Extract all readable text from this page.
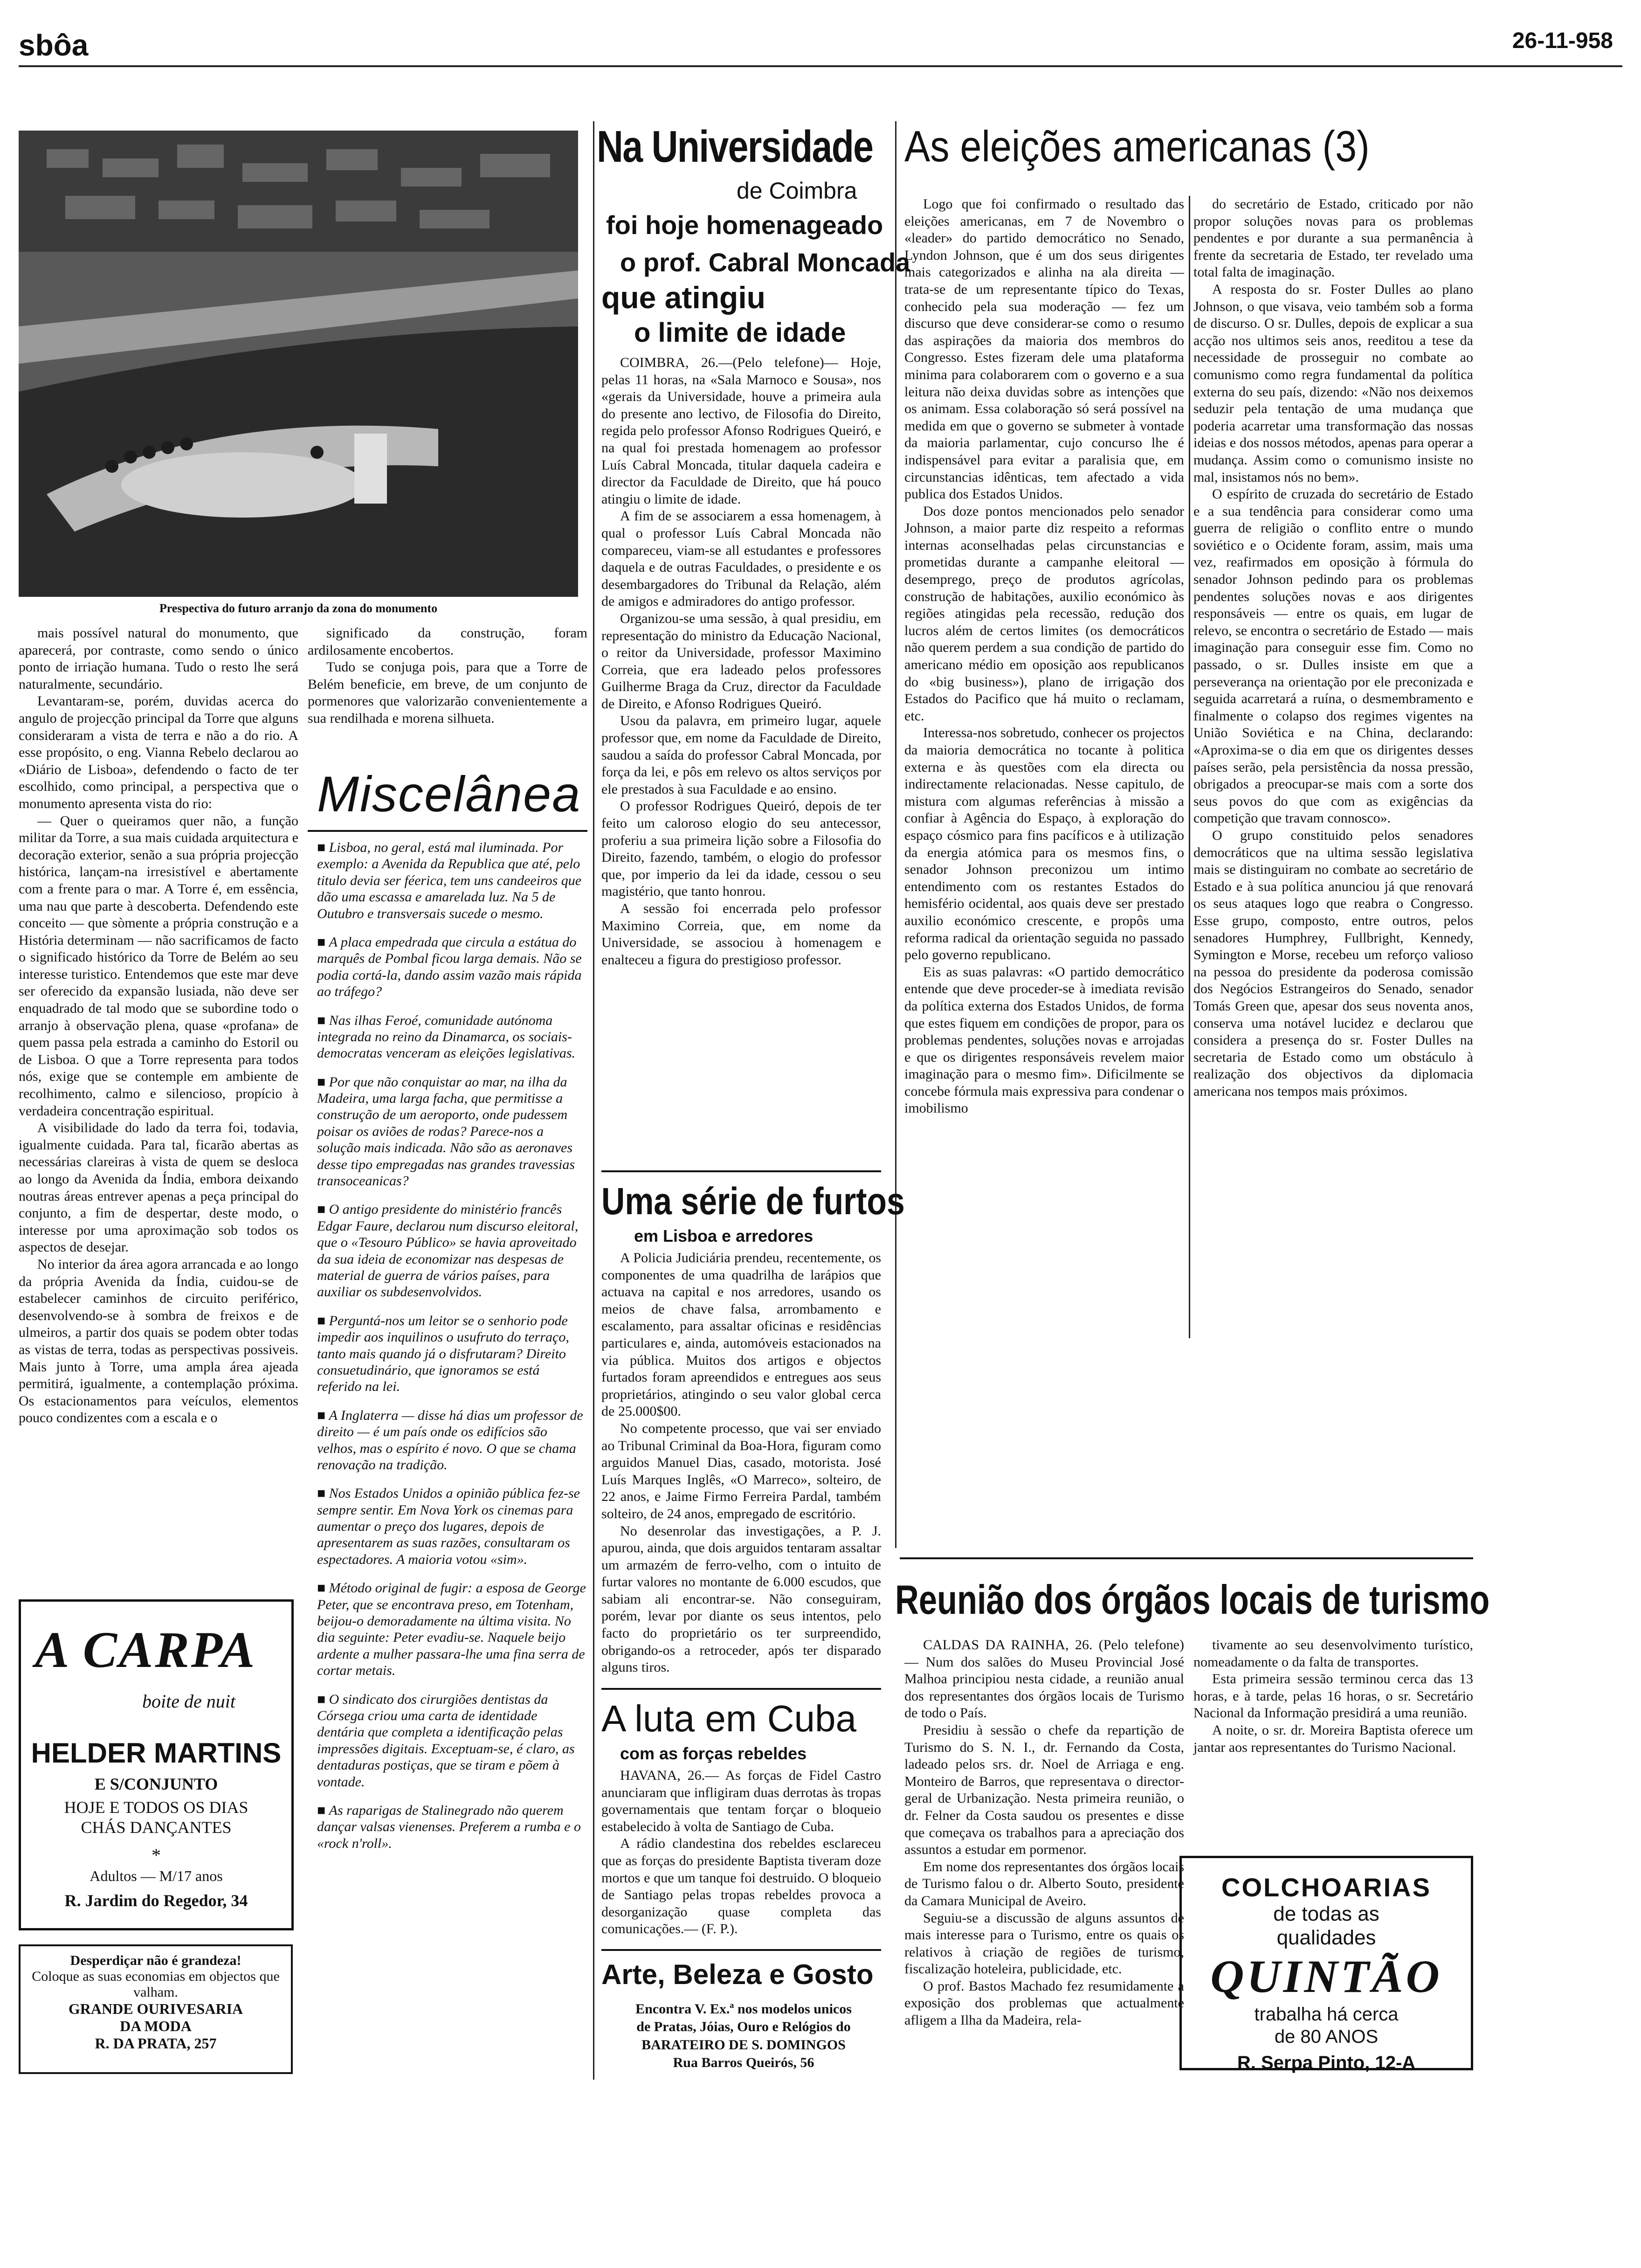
sbôa	26-11-958
Prespectiva do futuro arranjo da zona do monumento

mais possível natural do monumento, que aparecerá, por contraste, como sendo o único ponto de irriação humana. Tudo o resto lhe será naturalmente, secundário.

Levantaram-se, porém, duvidas acerca do angulo de projecção principal da Torre que alguns consideraram a vista de terra e não a do rio. A esse propósito, o eng. Vianna Rebelo declarou ao «Diário de Lisboa», defendendo o facto de ter escolhido, como principal, a perspectiva que o monumento apresenta vista do rio:

— Quer o queiramos quer não, a função militar da Torre, a sua mais cuidada arquitectura e decoração exterior, senão a sua própria projecção histórica, lançam-na irresistível e abertamente com a frente para o mar. A Torre é, em essência, uma nau que parte à descoberta. Defendendo este conceito — que sòmente a própria construção e a História determinam — não sacrificamos de facto o significado histórico da Torre de Belém ao seu interesse turistico. Entendemos que este mar deve ser oferecido da expansão lusiada, não deve ser enquadrado de tal modo que se subordine todo o arranjo à observação plena, quase «profana» de quem passa pela estrada a caminho do Estoril ou de Lisboa. O que a Torre representa para todos nós, exige que se contemple em ambiente de recolhimento, calmo e silencioso, propício à verdadeira concentração espiritual.

A visibilidade do lado da terra foi, todavia, igualmente cuidada. Para tal, ficarão abertas as necessárias clareiras à vista de quem se desloca ao longo da Avenida da Índia, embora deixando noutras áreas entrever apenas a peça principal do conjunto, a fim de despertar, deste modo, o interesse por uma aproximação sob todos os aspectos de desejar.

No interior da área agora arrancada e ao longo da própria Avenida da Índia, cuidou-se de estabelecer caminhos de circuito periférico, desenvolvendo-se à sombra de freixos e de ulmeiros, a partir dos quais se podem obter todas as vistas de terra, todas as perspectivas possiveis. Mais junto à Torre, uma ampla área ajeada permitirá, igualmente, a contemplação próxima. Os estacionamentos para veículos, elementos pouco condizentes com a escala e o

significado da construção, foram ardilosamente encobertos.

Tudo se conjuga pois, para que a Torre de Belém beneficie, em breve, de um conjunto de pormenores que valorizarão convenientemente a sua rendilhada e morena silhueta.

Miscelânea

■ Lisboa, no geral, está mal iluminada. Por exemplo: a Avenida da Republica que até, pelo titulo devia ser féerica, tem uns candeeiros que dão uma escassa e amarelada luz. Na 5 de Outubro e transversais sucede o mesmo.

■ A placa empedrada que circula a estátua do marquês de Pombal ficou larga demais. Não se podia cortá-la, dando assim vazão mais rápida ao tráfego?

■ Nas ilhas Feroé, comunidade autónoma integrada no reino da Dinamarca, os sociais-democratas venceram as eleições legislativas.

■ Por que não conquistar ao mar, na ilha da Madeira, uma larga facha, que permitisse a construção de um aeroporto, onde pudessem poisar os aviões de rodas? Parece-nos a solução mais indicada. Não são as aeronaves desse tipo empregadas nas grandes travessias transoceanicas?

■ O antigo presidente do ministério francês Edgar Faure, declarou num discurso eleitoral, que o «Tesouro Público» se havia aproveitado da sua ideia de economizar nas despesas de material de guerra de vários países, para auxiliar os subdesenvolvidos.

■ Perguntá-nos um leitor se o senhorio pode impedir aos inquilinos o usufruto do terraço, tanto mais quando já o disfrutaram? Direito consuetudinário, que ignoramos se está referido na lei.

■ A Inglaterra — disse há dias um professor de direito — é um país onde os edifícios são velhos, mas o espírito é novo. O que se chama renovação na tradição.

■ Nos Estados Unidos a opinião pública fez-se sempre sentir. Em Nova York os cinemas para aumentar o preço dos lugares, depois de apresentarem as suas razões, consultaram os espectadores. A maioria votou «sim».

■ Método original de fugir: a esposa de George Peter, que se encontrava preso, em Totenham, beijou-o demoradamente na última visita. No dia seguinte: Peter evadiu-se. Naquele beijo ardente a mulher passara-lhe uma fina serra de cortar metais.

■ O sindicato dos cirurgiões dentistas da Córsega criou uma carta de identidade dentária que completa a identificação pelas impressões digitais. Exceptuam-se, é claro, as dentaduras postiças, que se tiram e põem à vontade.

■ As raparigas de Stalinegrado não querem dançar valsas vienenses. Preferem a rumba e o «rock n'roll».

Na Universidade
de Coimbra
foi hoje homenageado
o prof. Cabral Moncada
que atingiu
o limite de idade

COIMBRA, 26.—(Pelo telefone)— Hoje, pelas 11 horas, na «Sala Marnoco e Sousa», nos «gerais da Universidade, houve a primeira aula do presente ano lectivo, de Filosofia do Direito, regida pelo professor Afonso Rodrigues Queiró, e na qual foi prestada homenagem ao professor Luís Cabral Moncada, titular daquela cadeira e director da Faculdade de Direito, que há pouco atingiu o limite de idade.

A fim de se associarem a essa homenagem, à qual o professor Luís Cabral Moncada não compareceu, viam-se all estudantes e professores daquela e de outras Faculdades, o presidente e os desembargadores do Tribunal da Relação, além de amigos e admiradores do antigo professor.

Organizou-se uma sessão, à qual presidiu, em representação do ministro da Educação Nacional, o reitor da Universidade, professor Maximino Correia, que era ladeado pelos professores Guilherme Braga da Cruz, director da Faculdade de Direito, e Afonso Rodrigues Queiró.

Usou da palavra, em primeiro lugar, aquele professor que, em nome da Faculdade de Direito, saudou a saída do professor Cabral Moncada, por força da lei, e pôs em relevo os altos serviços por ele prestados à sua Faculdade e ao ensino.

O professor Rodrigues Queiró, depois de ter feito um caloroso elogio do seu antecessor, proferiu a sua primeira lição sobre a Filosofia do Direito, fazendo, também, o elogio do professor que, por imperio da lei da idade, cessou o seu magistério, que tanto honrou.

A sessão foi encerrada pelo professor Maximino Correia, que, em nome da Universidade, se associou à homenagem e enalteceu a figura do prestigioso professor.

Uma série de furtos
em Lisboa e arredores

A Policia Judiciária prendeu, recentemente, os componentes de uma quadrilha de larápios que actuava na capital e nos arredores, usando os meios de chave falsa, arrombamento e escalamento, para assaltar oficinas e residências particulares e, ainda, automóveis estacionados na via pública. Muitos dos artigos e objectos furtados foram apreendidos e entregues aos seus proprietários, atingindo o seu valor global cerca de 25.000$00.

No competente processo, que vai ser enviado ao Tribunal Criminal da Boa-Hora, figuram como arguidos Manuel Dias, casado, motorista. José Luís Marques Inglês, «O Marreco», solteiro, de 22 anos, e Jaime Firmo Ferreira Pardal, também solteiro, de 24 anos, empregado de escritório.

No desenrolar das investigações, a P. J. apurou, ainda, que dois arguidos tentaram assaltar um armazém de ferro-velho, com o intuito de furtar valores no montante de 6.000 escudos, que sabiam ali encontrar-se. Não conseguiram, porém, levar por diante os seus intentos, pelo facto do proprietário os ter surpreendido, obrigando-os a retroceder, após ter disparado alguns tiros.

A luta em Cuba
com as forças rebeldes

HAVANA, 26.— As forças de Fidel Castro anunciaram que infligiram duas derrotas às tropas governamentais que tentam forçar o bloqueio estabelecido à volta de Santiago de Cuba.

A rádio clandestina dos rebeldes esclareceu que as forças do presidente Baptista tiveram doze mortos e que um tanque foi destruido. O bloqueio de Santiago pelas tropas rebeldes provoca a desorganização quase completa das comunicações.— (F. P.).

Arte, Beleza e Gosto
Encontra V. Ex.ª nos modelos unicos
de Pratas, Jóias, Ouro e Relógios do
BARATEIRO DE S. DOMINGOS
Rua Barros Queirós, 56
As eleições americanas (3)

Logo que foi confirmado o resultado das eleições americanas, em 7 de Novembro o «leader» do partido democrático no Senado, Lyndon Johnson, que é um dos seus dirigentes mais categorizados e alinha na ala direita — trata-se de um representante típico do Texas, conhecido pela sua moderação — fez um discurso que deve considerar-se como o resumo das aspirações da maioria dos membros do Congresso. Estes fizeram dele uma plataforma minima para colaborarem com o governo e a sua leitura não deixa duvidas sobre as intenções que os animam. Essa colaboração só será possível na medida em que o governo se submeter à vontade da maioria parlamentar, cujo concurso lhe é indispensável para evitar a paralisia que, em circunstancias idênticas, tem afectado a vida publica dos Estados Unidos.

Dos doze pontos mencionados pelo senador Johnson, a maior parte diz respeito a reformas internas aconselhadas pelas circunstancias e prometidas durante a campanhe eleitoral — desemprego, preço de produtos agrícolas, construção de habitações, auxilio económico às regiões atingidas pela recessão, redução dos lucros além de certos limites (os democráticos não querem perdem a sua condição de partido do americano médio em oposição aos republicanos do «big business»), plano de irrigação dos Estados do Pacifico que há muito o reclamam, etc.

Interessa-nos sobretudo, conhecer os projectos da maioria democrática no tocante à politica externa e às questões com ela directa ou indirectamente relacionadas. Nesse capitulo, de mistura com algumas referências à missão a confiar à Agência do Espaço, à exploração do espaço cósmico para fins pacíficos e à utilização da energia atómica para os mesmos fins, o senador Johnson preconizou um intimo entendimento com os restantes Estados do hemisfério ocidental, aos quais deve ser prestado auxilio económico crescente, e propôs uma reforma radical da orientação seguida no passado pelo governo republicano.

Eis as suas palavras: «O partido democrático entende que deve proceder-se à imediata revisão da política externa dos Estados Unidos, de forma que estes fiquem em condições de propor, para os problemas pendentes, soluções novas e arrojadas e que os dirigentes responsáveis revelem maior imaginação para o mesmo fim». Dificilmente se concebe fórmula mais expressiva para condenar o imobilismo

do secretário de Estado, criticado por não propor soluções novas para os problemas pendentes e por durante a sua permanência à frente da secretaria de Estado, ter revelado uma total falta de imaginação.

A resposta do sr. Foster Dulles ao plano Johnson, o que visava, veio também sob a forma de discurso. O sr. Dulles, depois de explicar a sua acção nos ultimos seis anos, reeditou a tese da necessidade de prosseguir no combate ao comunismo como regra fundamental da política externa do seu país, dizendo: «Não nos deixemos seduzir pela tentação de uma mudança que poderia acarretar uma transformação das nossas ideias e dos nossos métodos, apenas para operar a mudança. Assim como o comunismo insiste no mal, insistamos nós no bem».

O espírito de cruzada do secretário de Estado e a sua tendência para considerar como uma guerra de religião o conflito entre o mundo soviético e o Ocidente foram, assim, mais uma vez, reafirmados em oposição à fórmula do senador Johnson pedindo para os problemas pendentes soluções novas e aos dirigentes responsáveis — entre os quais, em lugar de relevo, se encontra o secretário de Estado — mais imaginação para conseguir esse fim. Como no passado, o sr. Dulles insiste em que a perseverança na orientação por ele preconizada e seguida acarretará a ruína, o desmembramento e finalmente o colapso dos regimes vigentes na União Soviética e na China, declarando: «Aproxima-se o dia em que os dirigentes desses países serão, pela persistência da nossa pressão, obrigados a preocupar-se mais com a sorte dos seus povos do que com as exigências da competição que travam connosco».

O grupo constituido pelos senadores democráticos que na ultima sessão legislativa mais se distinguiram no combate ao secretário de Estado e à sua política anunciou já que renovará os seus ataques logo que reabra o Congresso. Esse grupo, composto, entre outros, pelos senadores Humphrey, Fullbright, Kennedy, Symington e Morse, recebeu um reforço valioso na pessoa do presidente da poderosa comissão dos Negócios Estrangeiros do Senado, senador Tomás Green que, apesar dos seus noventa anos, conserva uma notável lucidez e declarou que considera a presença do sr. Foster Dulles na secretaria de Estado como um obstáculo à realização dos objectivos da diplomacia americana nos tempos mais próximos.

Reunião dos órgãos locais de turismo

CALDAS DA RAINHA, 26. (Pelo telefone) — Num dos salões do Museu Provincial José Malhoa principiou nesta cidade, a reunião anual dos representantes dos órgãos locais de Turismo de todo o País.

Presidiu à sessão o chefe da repartição de Turismo do S. N. I., dr. Fernando da Costa, ladeado pelos srs. dr. Noel de Arriaga e eng. Monteiro de Barros, que representava o director-geral de Urbanização. Nesta primeira reunião, o dr. Felner da Costa saudou os presentes e disse que começava os trabalhos para a apreciação dos assuntos a estudar em pormenor.

Em nome dos representantes dos órgãos locais de Turismo falou o dr. Alberto Souto, presidente da Camara Municipal de Aveiro.

Seguiu-se a discussão de alguns assuntos de mais interesse para o Turismo, entre os quais os relativos à criação de regiões de turismo, fiscalização hoteleira, publicidade, etc.

O prof. Bastos Machado fez resumidamente a exposição dos problemas que actualmente afligem a Ilha da Madeira, rela-

tivamente ao seu desenvolvimento turístico, nomeadamente o da falta de transportes.

Esta primeira sessão terminou cerca das 13 horas, e à tarde, pelas 16 horas, o sr. Secretário Nacional da Informação presidirá a uma reunião.

A noite, o sr. dr. Moreira Baptista oferece um jantar aos representantes do Turismo Nacional.

A CARPA
boite de nuit
HELDER MARTINS
E S/CONJUNTO
HOJE E TODOS OS DIAS
CHÁS DANÇANTES
*
Adultos — M/17 anos
R. Jardim do Regedor, 34
Desperdiçar não é grandeza!
Coloque as suas economias em objectos que valham.
GRANDE OURIVESARIA
DA MODA
R. DA PRATA, 257
COLCHOARIAS
de todas as
qualidades
QUINTÃO
trabalha há cerca
de 80 ANOS
R. Serpa Pinto, 12-A
